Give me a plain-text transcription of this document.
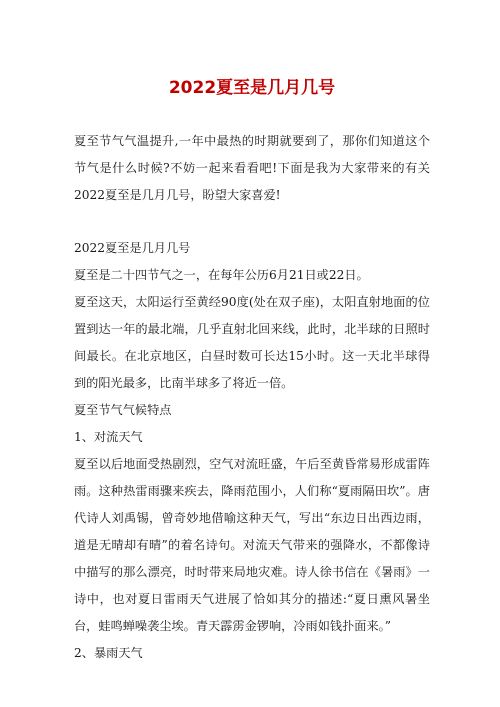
2022夏至是几月几号

夏至节气气温提升,一年中最热的时期就要到了，那你们知道这个节气是什么时候?不妨一起来看看吧!下面是我为大家带来的有关2022夏至是几月几号，盼望大家喜爱!

2022夏至是几月几号

夏至是二十四节气之一，在每年公历6月21日或22日。

夏至这天，太阳运行至黄经90度(处在双子座)，太阳直射地面的位置到达一年的最北端，几乎直射北回来线，此时，北半球的日照时间最长。在北京地区，白昼时数可长达15小时。这一天北半球得到的阳光最多，比南半球多了将近一倍。

夏至节气气候特点

1、对流天气

夏至以后地面受热剧烈，空气对流旺盛，午后至黄昏常易形成雷阵雨。这种热雷雨骤来疾去，降雨范围小，人们称“夏雨隔田坎”。唐代诗人刘禹锡，曾奇妙地借喻这种天气，写出“东边日出西边雨，道是无晴却有晴”的着名诗句。对流天气带来的强降水，不都像诗中描写的那么漂亮，时时带来局地灾难。诗人徐书信在《暑雨》一诗中，也对夏日雷雨天气进展了恰如其分的描述:“夏日熏风暑坐台，蛙鸣蝉噪袭尘埃。青天霹雳金锣响，冷雨如钱扑面来。”

2、暴雨天气
